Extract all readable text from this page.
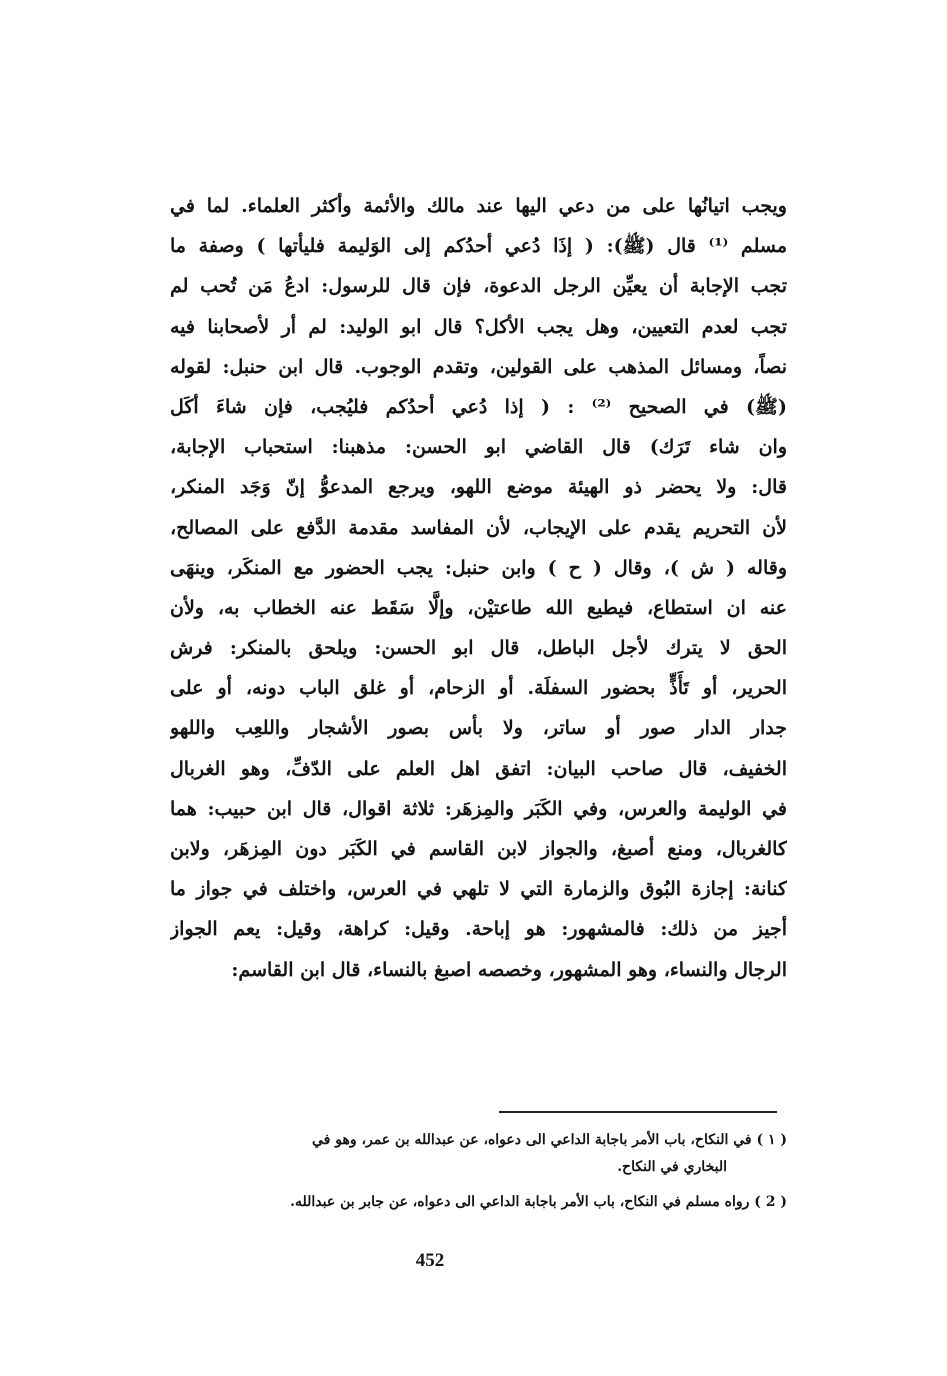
ويجب اتيانُها على من دعي اليها عند مالك والأئمة وأكثر العلماء. لما في
مسلم ⁽¹⁾ قال (ﷺ): ( إذَا دُعي أحدُكم إلى الوَليمة فليأتها ) وصفة ما
تجب الإجابة أن يعيِّن الرجل الدعوة، فإن قال للرسول: ادعُ مَن تُحب لم
تجب لعدم التعيين، وهل يجب الأكل؟ قال ابو الوليد: لم أر لأصحابنا فيه
نصاً، ومسائل المذهب على القولين، وتقدم الوجوب. قال ابن حنبل: لقوله
(ﷺ) في الصحيح ⁽²⁾ : ( إذا دُعي أحدُكم فليُجب، فإن شاءَ أكَل
وان شاء تَرَك) قال القاضي ابو الحسن: مذهبنا: استحباب الإجابة،
قال: ولا يحضر ذو الهيئة موضع اللهو، ويرجع المدعوُّ إنّ وَجَد المنكر،
لأن التحريم يقدم على الإيجاب، لأن المفاسد مقدمة الدَّفع على المصالح،
وقاله ( ش )، وقال ( ح ) وابن حنبل: يجب الحضور مع المنكَر، وينهَى
عنه ان استطاع، فيطيع الله طاعتيْن، وإلَّا سَقَط عنه الخطاب به، ولأن
الحق لا يترك لأجل الباطل، قال ابو الحسن: ويلحق بالمنكر: فرش
الحرير، أو تَأَذٍّ بحضور السفلَة. أو الزحام، أو غلق الباب دونه، أو على
جدار الدار صور أو ساتر، ولا بأس بصور الأشجار واللعِب واللهو
الخفيف، قال صاحب البيان: اتفق اهل العلم على الدّفِّ، وهو الغربال
في الوليمة والعرس، وفي الكَبَر والمِزهَر: ثلاثة اقوال، قال ابن حبيب: هما
كالغربال، ومنع أصبغ، والجواز لابن القاسم في الكَبَر دون المِزهَر، ولابن
كنانة: إجازة البُوق والزمارة التي لا تلهي في العرس، واختلف في جواز ما
أجيز من ذلك: فالمشهور: هو إباحة. وقيل: كراهة، وقيل: يعم الجواز
الرجال والنساء، وهو المشهور، وخصصه اصبغ بالنساء، قال ابن القاسم:
( ١ ) في النكاح، باب الأمر باجابة الداعي الى دعواه، عن عبدالله بن عمر، وهو في
البخاري في النكاح.
( 2 ) رواه مسلم في النكاح، باب الأمر باجابة الداعي الى دعواه، عن جابر بن عبدالله.
452
